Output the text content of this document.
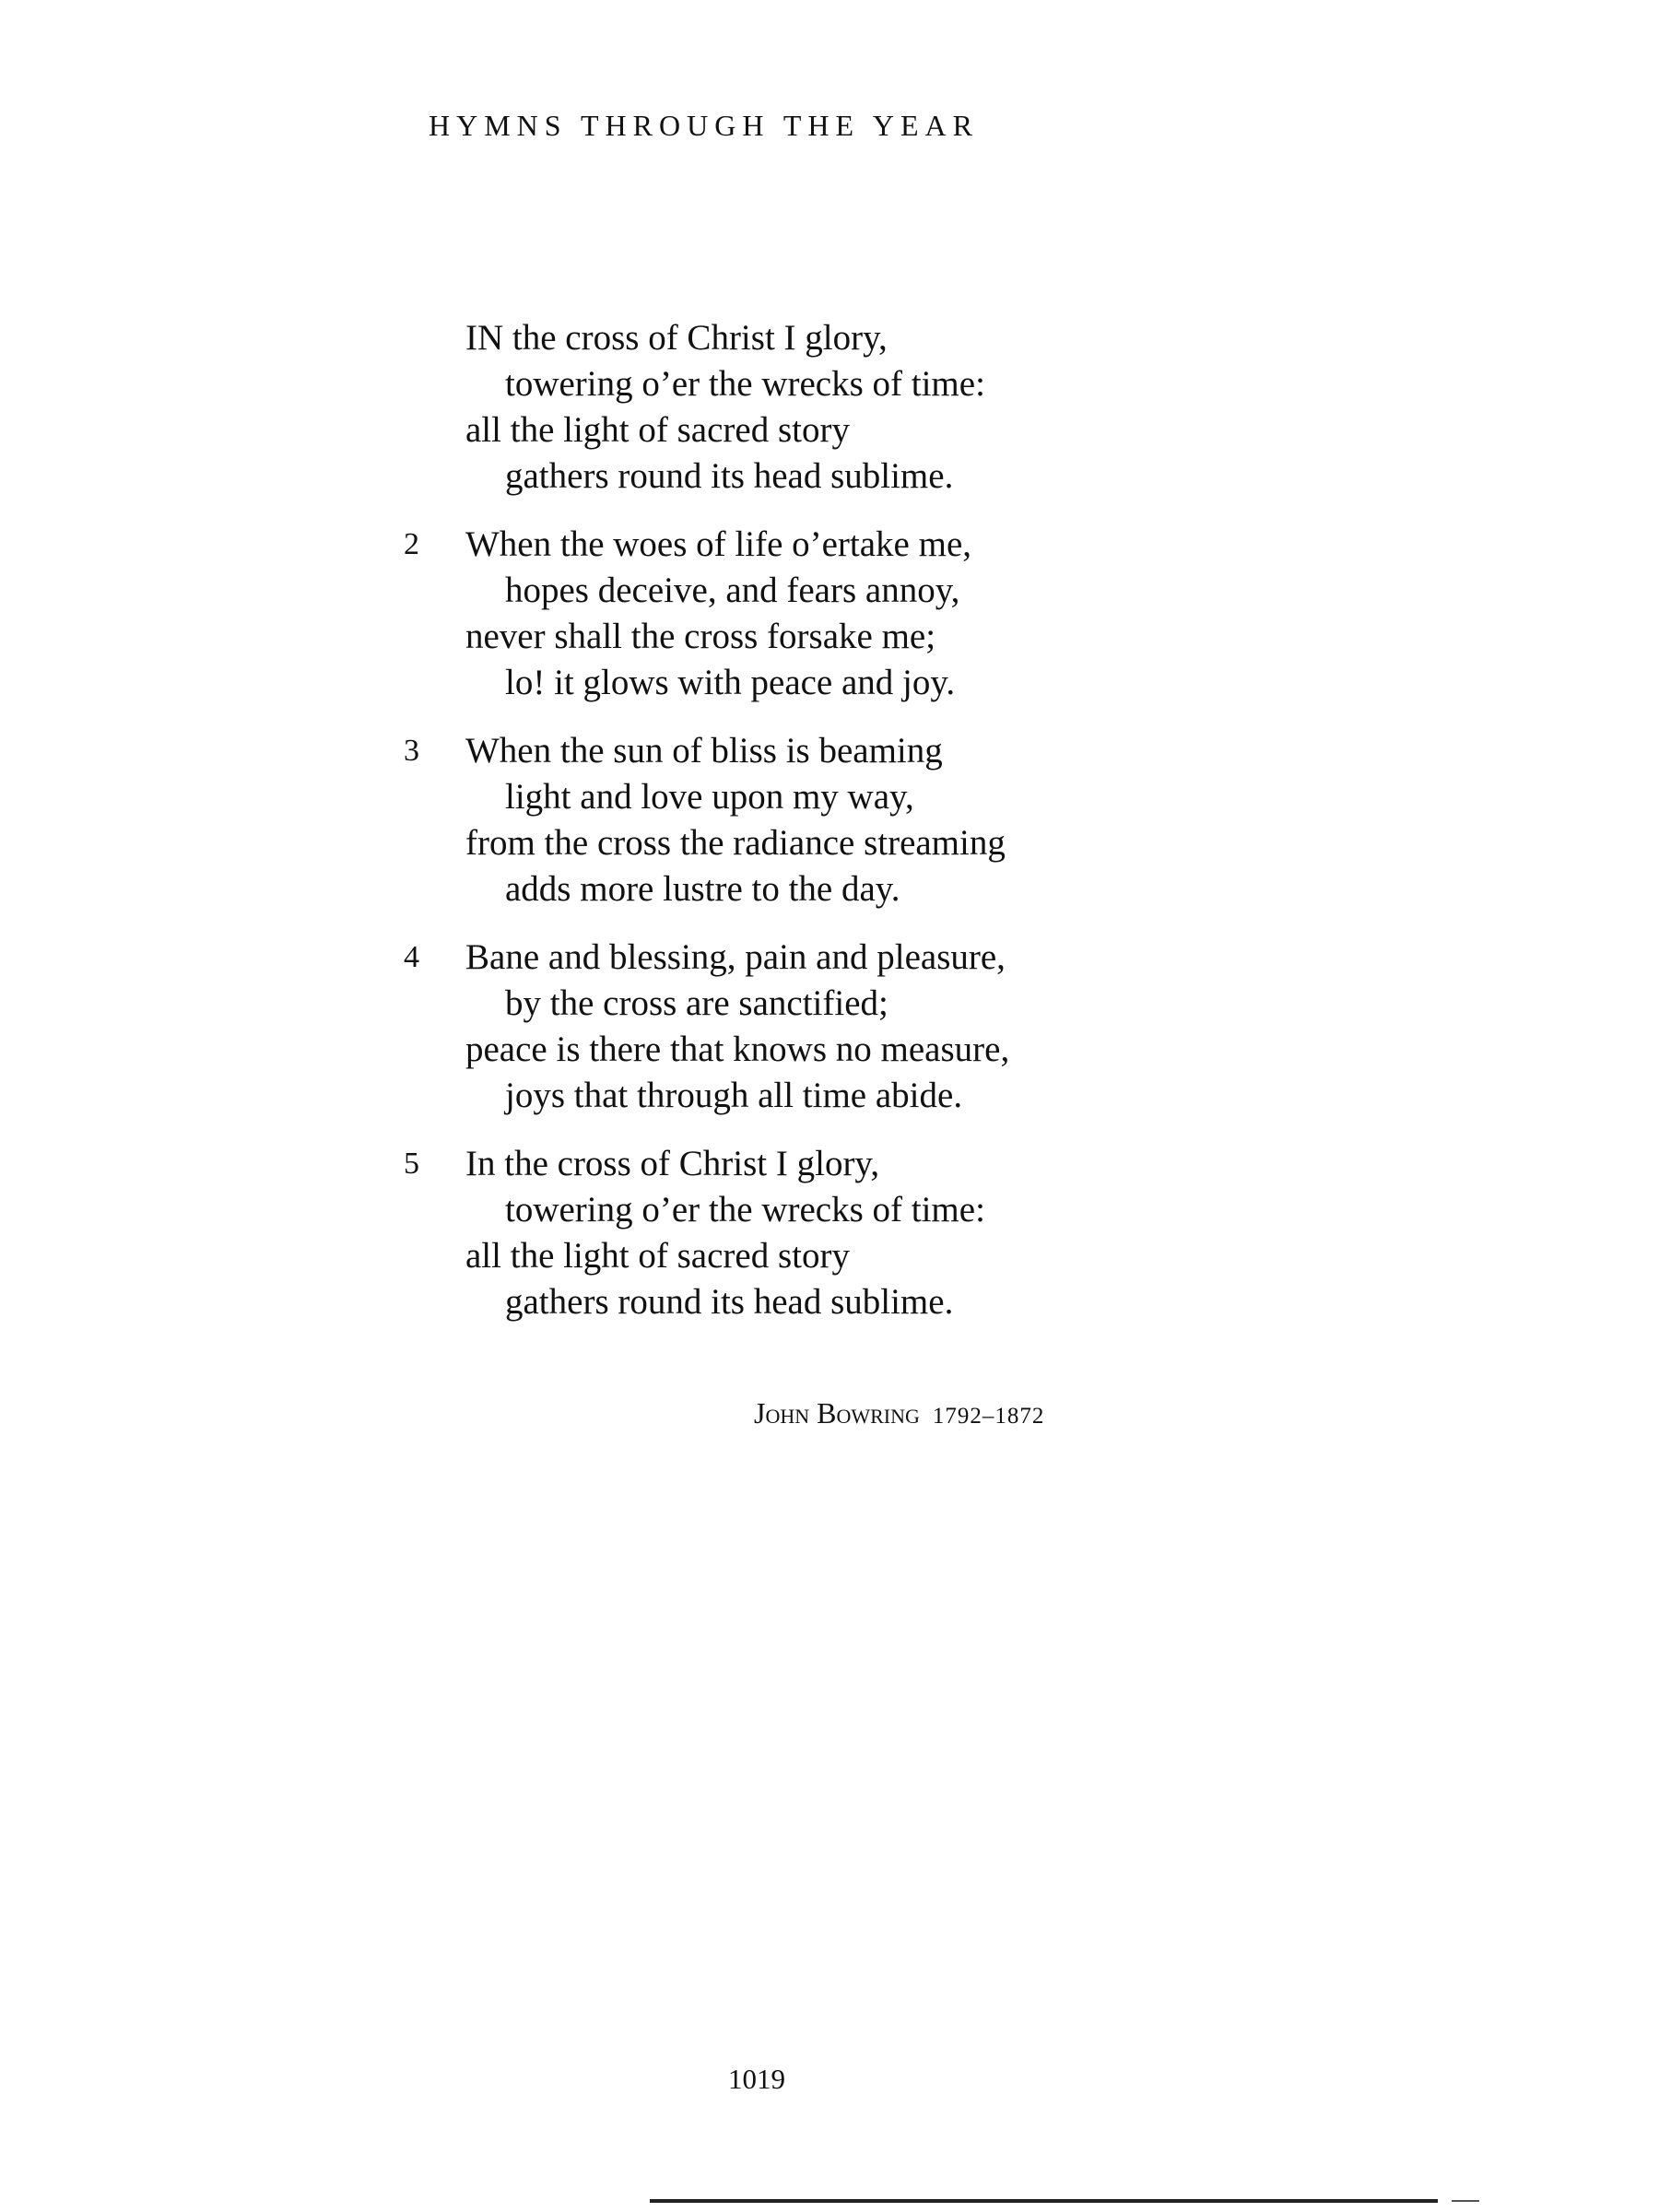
HYMNS THROUGH THE YEAR
IN the cross of Christ I glory,
towering o’er the wrecks of time:
all the light of sacred story
gathers round its head sublime.
2	When the woes of life o’ertake me,
hopes deceive, and fears annoy,
never shall the cross forsake me;
lo! it glows with peace and joy.
3	When the sun of bliss is beaming
light and love upon my way,
from the cross the radiance streaming
adds more lustre to the day.
4	Bane and blessing, pain and pleasure,
by the cross are sanctified;
peace is there that knows no measure,
joys that through all time abide.
5	In the cross of Christ I glory,
towering o’er the wrecks of time:
all the light of sacred story
gathers round its head sublime.
John Bowring 1792–1872
1019
